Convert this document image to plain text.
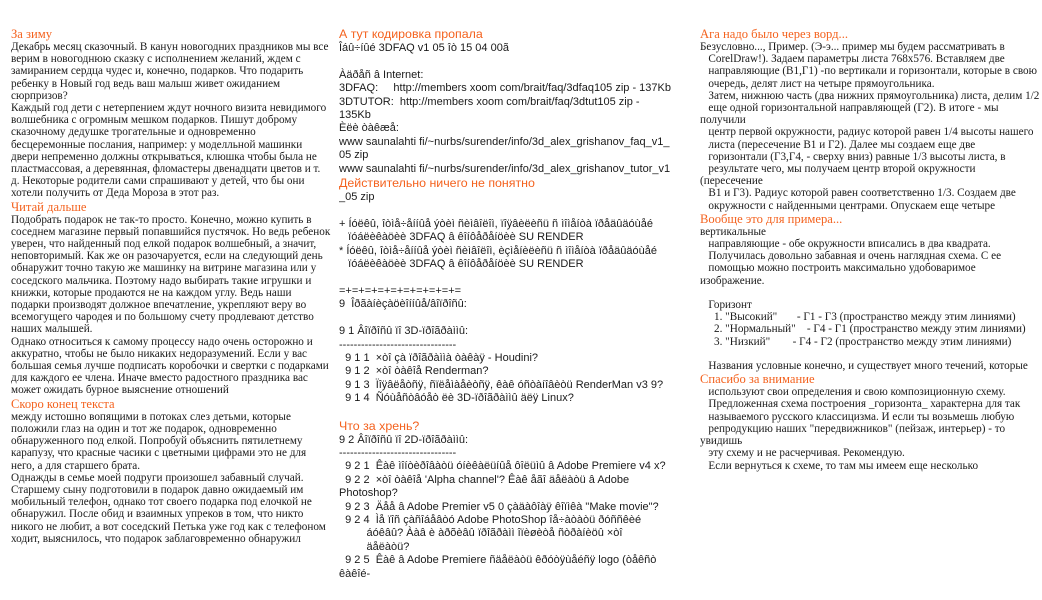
За зиму
Декабрь месяц сказочный. В канун новогодних праздников мы все верим в новогоднюю сказку с исполнением желаний, ждем с замиранием сердца чудес и, конечно, подарков. Что подарить ребенку в Новый год ведь ваш малыш живет ожиданием сюрпризов?
Каждый год дети с нетерпением ждут ночного визита невидимого волшебника с огромным мешком подарков. Пишут доброму сказочному дедушке трогательные и одновременно бесцеремонные послания, например: у моделльной машинки двери непременно должны открываться, клюшка чтобы была не пластмассовая, а деревянная, фломастеры двенадцати цветов и т. д. Некоторые родители сами спрашивают у детей, что бы они хотели получить от Деда Мороза в этот раз.
Читай дальше
Подобрать подарок не так-то просто. Конечно, можно купить в соседнем магазине первый попавшийся пустячок. Но ведь ребенок уверен, что найденный под елкой подарок волшебный, а значит, неповторимый. Как же он разочаруется, если на следующий день обнаружит точно такую же машинку на витрине магазина или у соседского мальчика. Поэтому надо выбирать такие игрушки и книжки, которые продаются не на каждом углу. Ведь наши подарки производят должное впечатление, укрепляют веру во всемогущего чародея и по большому счету продлевают детство наших малышей.
Однако относиться к самому процессу надо очень осторожно и аккуратно, чтобы не было никаких недоразумений. Если у вас большая семья лучше подписать коробочки и свертки с подарками для каждого ее члена. Иначе вместо радостного праздника вас может ожидать бурное выяснение отношений
Скоро конец текста
между истошно вопящими в потоках слез детьми, которые положили глаз на один и тот же подарок, одновременно обнаруженного под елкой. Попробуй объяснить пятилетнему карапузу, что красные часики с цветными цифрами это не для него, а для старшего брата.
Однажды в семье моей подруги произошел забавный случай. Старшему сыну подготовили в подарок давно ожидаемый им мобильный телефон, однако тот своего подарка под елочкой не обнаружил. После обид и взаимных упреков в том, что никто никого не любит, а вот соседский Петька уже год как с телефоном ходит, выяснилось, что подарок заблаговременно обнаружил
А тут кодировка пропала
Îáû÷íûé 3DFAQ v1 05 îò 15 04 00ã

Àäðåñ â Internet:
3DFAQ:     http://members xoom com/brait/faq/3dfaq105 zip - 137Kb
3DTUTOR:  http://members xoom com/brait/faq/3dtut105 zip -
135Kb
Èëè òàêæå:
www saunalahti fi/~nurbs/surender/info/3d_alex_grishanov_faq_v1_
05 zip
www saunalahti fi/~nurbs/surender/info/3d_alex_grishanov_tutor_v1
Действительно ничего не понятно
_05 zip

+ Íóëêû, îòìå÷åííûå ýòèì ñèìâîëîì, ïîÿâèëèñü ñ ìîìåíòà ïðåäûäóùåé
ïóáëèêàöèè 3DFAQ â êîíôåðåíöèè SU RENDER
* Íóëêû, îòìå÷åííûå ýòèì ñèìâîëîì, èçìåíèëèñü ñ ìîìåíòà ïðåäûäóùåé
ïóáëèêàöèè 3DFAQ â êîíôåðåíöèè SU RENDER

=+=+=+=+=+=+=+=+=+=
9  Îðãàíèçàöèîííûå/âîïðîñû:

9 1 Âîïðîñû ïî 3D-ïðîãðàììû:
--------------------------------
9 1 1  ×òî çà ïðîãðàììà òàêàÿ - Houdini?
9 1 2  ×òî òàêîå Renderman?
9 1 3  Ïîÿâëåòñÿ, ñïëåìàåèòñÿ, êàê óñòàíîâèòü RenderMan v3 9?
9 1 4  Ñóùåñòâóåò ëè 3D-ïðîãðàììû äëÿ Linux?
Что за хрень?
9 2 Âîïðîñû ïî 2D-ïðîãðàììû:
--------------------------------
9 2 1  Êàê ìîíòèðîâàòü óíèêàëüíûå ôîëüìû â Adobe Premiere v4 x?
9 2 2  ×òî òàêîå 'Alpha channel'? Êàê åãî äåëàòü â Adobe
Photoshop?
9 2 3  Äåå â Adobe Premier v5 0 çàäàôîàÿ êîïìêà "Make movie"?
9 2 4  Ìå ïîñ çàñîáåâòó Adobe PhotoShop îå÷àòàòü ðóññêèé
áóêâû? Ààâ è àðõèâû ïðîãðàìì îïèøèòå ñòðàíèöû ×òî
äåëàòü?
9 2 5  Êàê â Adobe Premiere ñäåëàòü êðóòÿùåéñÿ logo (òåêñò
êàêîé-
Ага надо было через ворд...
Безусловно..., Пример. (Э-э... пример мы будем рассматривать в
CorelDraw!). Задаем параметры листа 768х576. Вставляем две
направляющие (В1,Г1) -по вертикали и горизонтали, которые в свою
очередь, делят лист на четыре прямоугольника.
Затем, нижнюю часть (два нижних прямоугольника) листа, делим 1/2
еще одной горизонтальной направляющей (Г2). В итоге - мы получили
центр первой окружности, радиус которой равен 1/4 высоты нашего
листа (пересечение В1 и Г2). Далее мы создаем еще две
горизонтали (Г3,Г4, - сверху вниз) равные 1/3 высоты листа, в
результате чего, мы получаем центр второй окружности (пересечение
В1 и Г3). Радиус которой равен соответственно 1/3. Создаем две
окружности с найденными центрами. Опускаем еще четыре
Вообще это для примера...
вертикальные
направляющие - обе окружности вписались в два квадрата.
Получилась довольно забавная и очень наглядная схема. С ее
помощью можно построить максимально удобоваримое изображение.

Горизонт
1. "Высокий"       - Г1 - Г3 (пространство между этим линиями)
2. "Нормальный"    - Г4 - Г1 (пространство между этим линиями)
3. "Низкий"        - Г4 - Г2 (пространство между этим линиями)

Названия условные конечно, и существует много течений, которые
Спасибо за внимание
используют свои определения и свою композиционную схему.
Предложенная схема построения _горизонта_ характерна для так
называемого русского классицизма. И если ты возьмешь любую
репродукцию наших "передвижников" (пейзаж, интерьер) - то увидишь
эту схему и не расчерчивая. Рекомендую.
Если вернуться к схеме, то там мы имеем еще несколько
